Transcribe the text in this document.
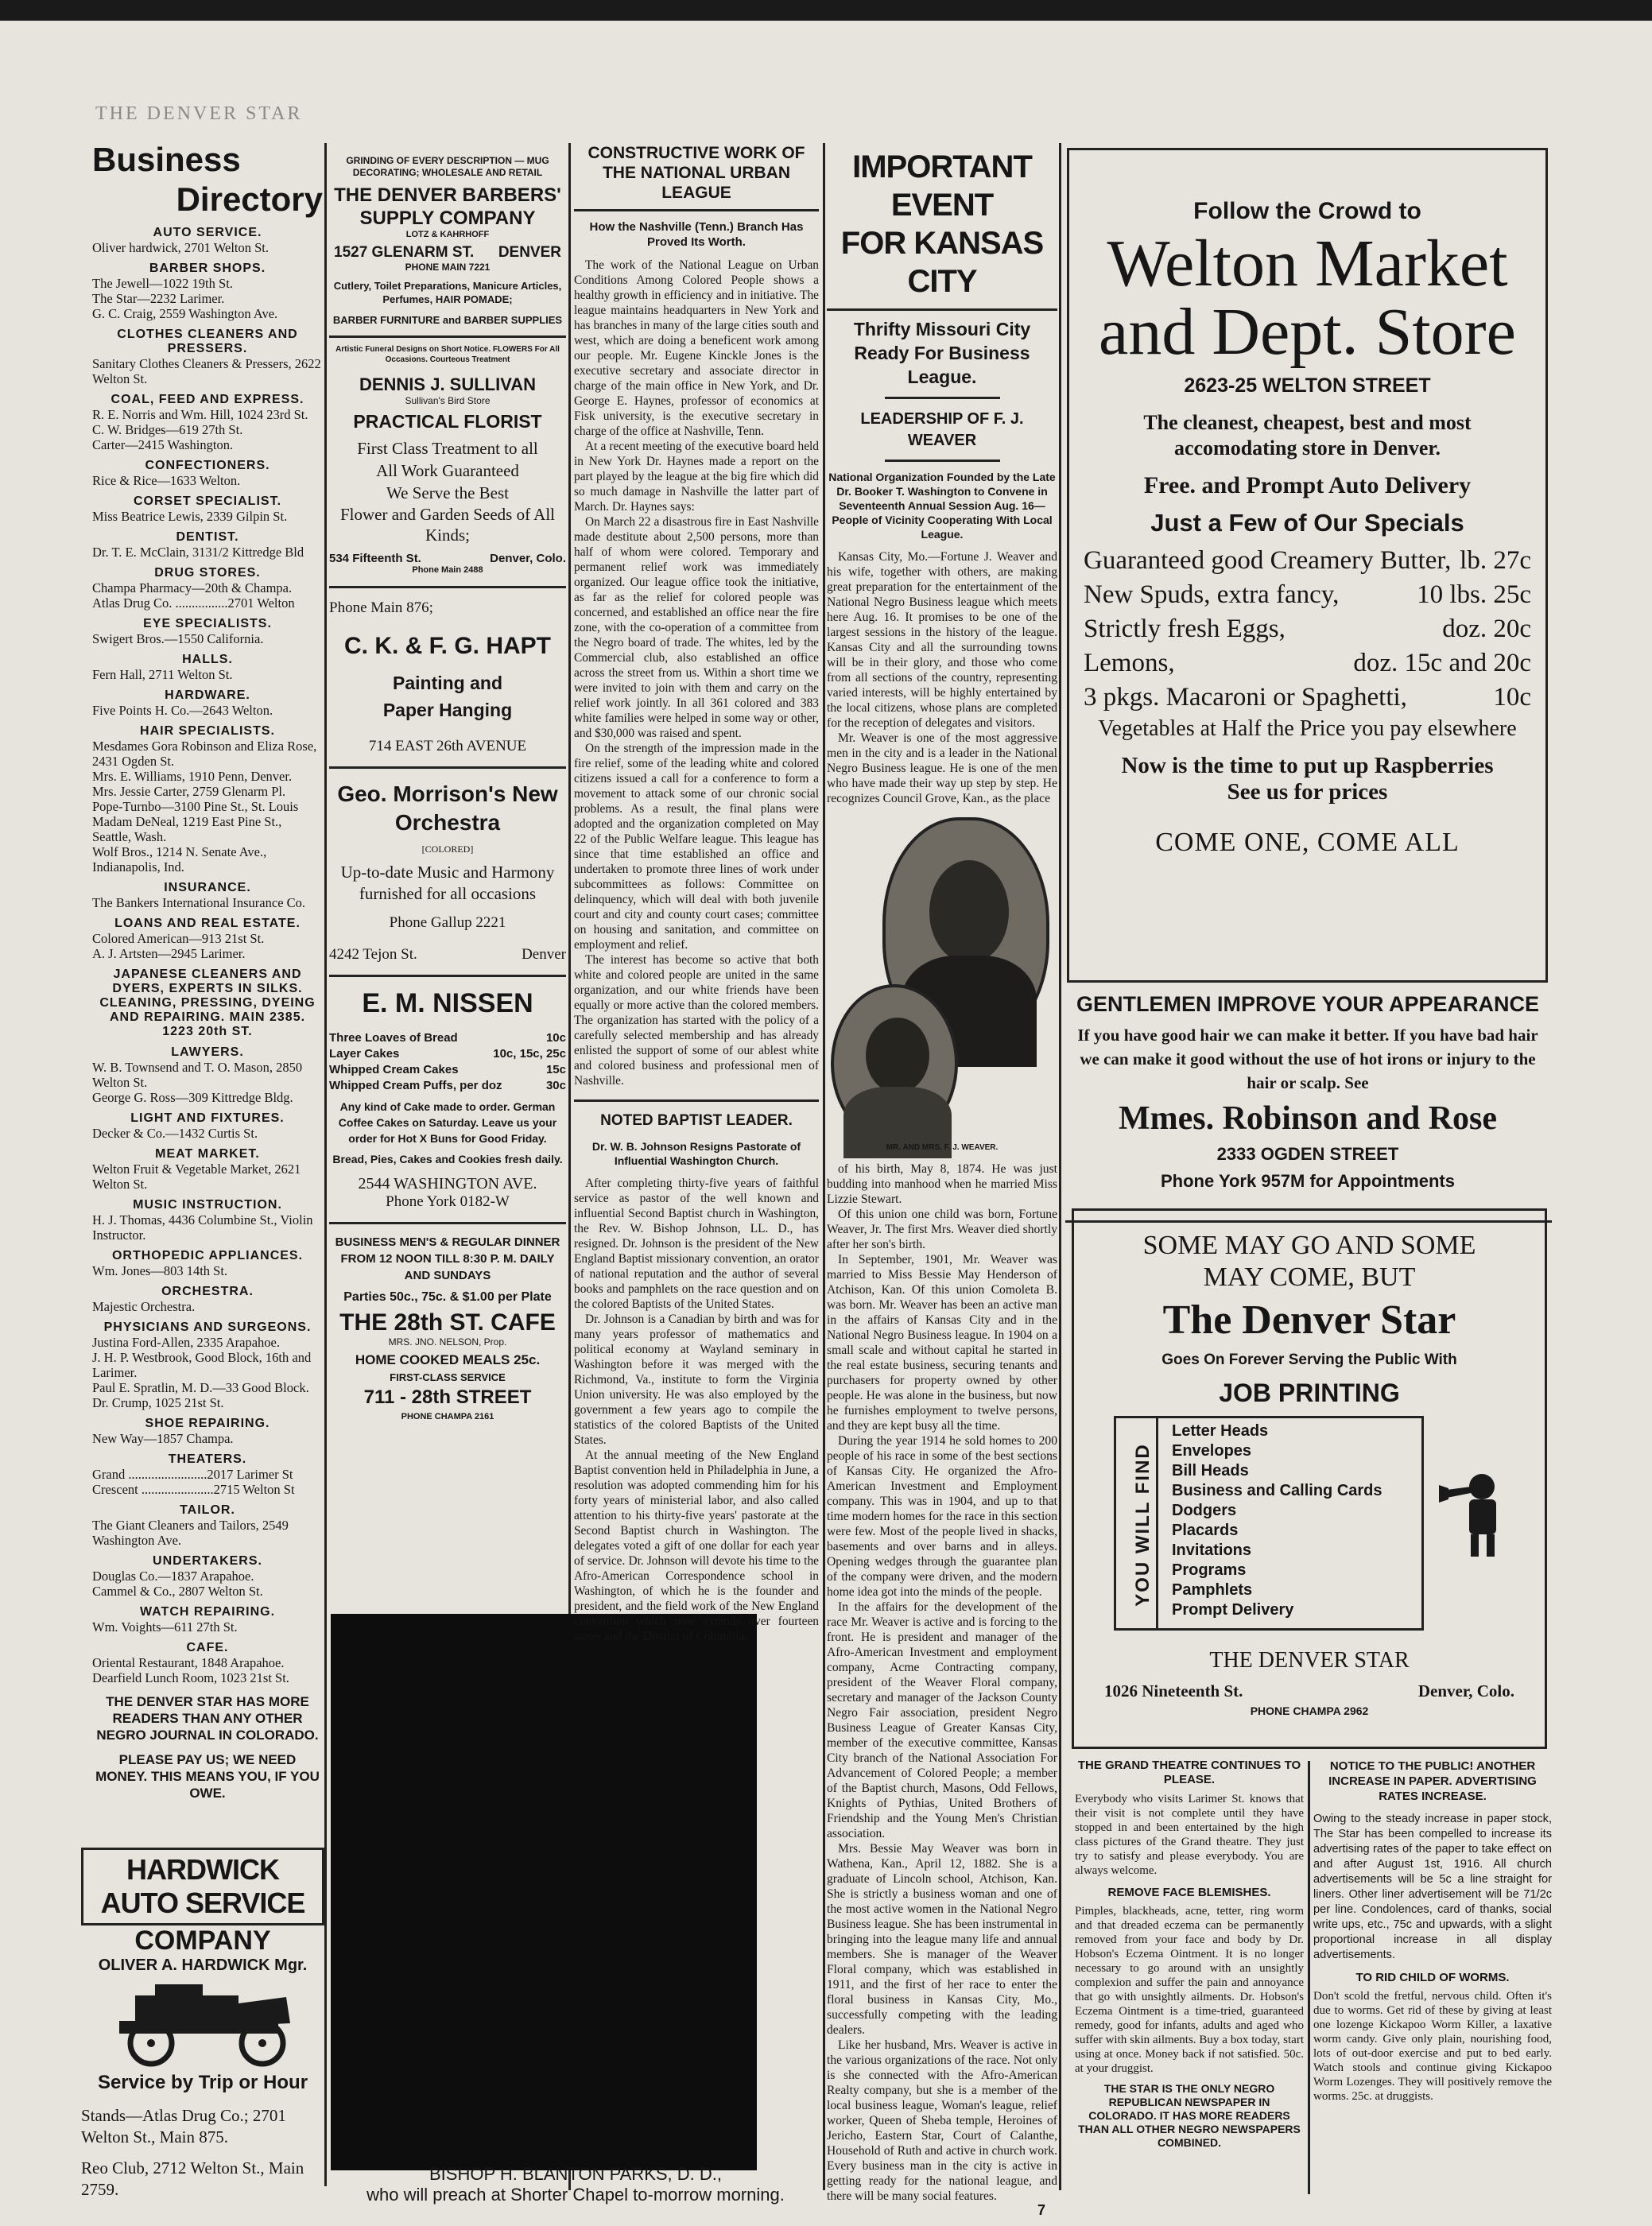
THE DENVER STAR
Business
Directory
AUTO SERVICE.
Oliver hardwick, 2701 Welton St.
BARBER SHOPS.
The Jewell—1022 19th St.
The Star—2232 Larimer.
G. C. Craig, 2559 Washington Ave.
CLOTHES CLEANERS AND PRESSERS.
Sanitary Clothes Cleaners & Pressers, 2622 Welton St.
COAL, FEED AND EXPRESS.
R. E. Norris and Wm. Hill, 1024 23rd St.
C. W. Bridges—619 27th St.
Carter—2415 Washington.
CONFECTIONERS.
Rice & Rice—1633 Welton.
CORSET SPECIALIST.
Miss Beatrice Lewis, 2339 Gilpin St.
DENTIST.
Dr. T. E. McClain, 3131/2 Kittredge Bld
DRUG STORES.
Champa Pharmacy—20th & Champa.
Atlas Drug Co. ................2701 Welton
EYE SPECIALISTS.
Swigert Bros.—1550 California.
HALLS.
Fern Hall, 2711 Welton St.
HARDWARE.
Five Points H. Co.—2643 Welton.
HAIR SPECIALISTS.
Mesdames Gora Robinson and Eliza Rose, 2431 Ogden St.
Mrs. E. Williams, 1910 Penn, Denver.
Mrs. Jessie Carter, 2759 Glenarm Pl.
Pope-Turnbo—3100 Pine St., St. Louis
Madam DeNeal, 1219 East Pine St., Seattle, Wash.
Wolf Bros., 1214 N. Senate Ave., Indianapolis, Ind.
INSURANCE.
The Bankers International Insurance Co.
LOANS AND REAL ESTATE.
Colored American—913 21st St.
A. J. Artsten—2945 Larimer.
JAPANESE CLEANERS AND DYERS, EXPERTS IN SILKS. CLEANING, PRESSING, DYEING AND REPAIRING. MAIN 2385. 1223 20th ST.
LAWYERS.
W. B. Townsend and T. O. Mason, 2850 Welton St.
George G. Ross—309 Kittredge Bldg.
LIGHT AND FIXTURES.
Decker & Co.—1432 Curtis St.
MEAT MARKET.
Welton Fruit & Vegetable Market, 2621 Welton St.
MUSIC INSTRUCTION.
H. J. Thomas, 4436 Columbine St., Violin Instructor.
ORTHOPEDIC APPLIANCES.
Wm. Jones—803 14th St.
ORCHESTRA.
Majestic Orchestra.
PHYSICIANS AND SURGEONS.
Justina Ford-Allen, 2335 Arapahoe.
J. H. P. Westbrook, Good Block, 16th and Larimer.
Paul E. Spratlin, M. D.—33 Good Block.
Dr. Crump, 1025 21st St.
SHOE REPAIRING.
New Way—1857 Champa.
THEATERS.
Grand ........................2017 Larimer St
Crescent ......................2715 Welton St
TAILOR.
The Giant Cleaners and Tailors, 2549 Washington Ave.
UNDERTAKERS.
Douglas Co.—1837 Arapahoe.
Cammel & Co., 2807 Welton St.
WATCH REPAIRING.
Wm. Voights—611 27th St.
CAFE.
Oriental Restaurant, 1848 Arapahoe.
Dearfield Lunch Room, 1023 21st St.
THE DENVER STAR HAS MORE READERS THAN ANY OTHER NEGRO JOURNAL IN COLORADO.
PLEASE PAY US; WE NEED MONEY. THIS MEANS YOU, IF YOU OWE.
HARDWICK AUTO SERVICE
COMPANY
OLIVER A. HARDWICK Mgr.
Service by Trip or Hour
Stands—Atlas Drug Co.; 2701 Welton St., Main 875.
Reo Club, 2712 Welton St., Main 2759.
GRINDING OF EVERY DESCRIPTION — MUG DECORATING; WHOLESALE AND RETAIL
THE DENVER BARBERS' SUPPLY COMPANY
LOTZ & KAHRHOFF
1527 GLENARM ST. DENVER
PHONE MAIN 7221
Cutlery, Toilet Preparations, Manicure Articles, Perfumes, HAIR POMADE;
BARBER FURNITURE and BARBER SUPPLIES
Artistic Funeral Designs on Short Notice. FLOWERS For All Occasions. Courteous Treatment
DENNIS J. SULLIVAN
Sullivan's Bird Store
PRACTICAL FLORIST
First Class Treatment to all
All Work Guaranteed
We Serve the Best
Flower and Garden Seeds of All Kinds;
534 Fifteenth St.	Denver, Colo.
Phone Main 2488
Phone Main 876;
C. K. & F. G. HAPT
Painting and Paper Hanging
714 EAST 26th AVENUE
Geo. Morrison's New Orchestra
[COLORED]
Up-to-date Music and Harmony furnished for all occasions
Phone Gallup 2221
4242 Tejon St.	Denver
E. M. NISSEN
Three Loaves of Bread	10c
Layer Cakes	10c, 15c, 25c
Whipped Cream Cakes	15c
Whipped Cream Puffs, per doz	30c
Any kind of Cake made to order. German Coffee Cakes on Saturday. Leave us your order for Hot X Buns for Good Friday.
Bread, Pies, Cakes and Cookies fresh daily.
2544 WASHINGTON AVE.
Phone York 0182-W
BUSINESS MEN'S & REGULAR DINNER FROM 12 NOON TILL 8:30 P. M. DAILY AND SUNDAYS
Parties 50c., 75c. & $1.00 per Plate
THE 28th ST. CAFE
MRS. JNO. NELSON, Prop.
HOME COOKED MEALS 25c.
FIRST-CLASS SERVICE
711 - 28th STREET
PHONE CHAMPA 2161
BISHOP H. BLANTON PARKS, D. D.,
who will preach at Shorter Chapel to-morrow morning.
CONSTRUCTIVE WORK OF THE NATIONAL URBAN LEAGUE
How the Nashville (Tenn.) Branch Has Proved Its Worth.

The work of the National League on Urban Conditions Among Colored People shows a healthy growth in efficiency and in initiative. The league maintains headquarters in New York and has branches in many of the large cities south and west, which are doing a beneficent work among our people. Mr. Eugene Kinckle Jones is the executive secretary and associate director in charge of the main office in New York, and Dr. George E. Haynes, professor of economics at Fisk university, is the executive secretary in charge of the office at Nashville, Tenn.

At a recent meeting of the executive board held in New York Dr. Haynes made a report on the part played by the league at the big fire which did so much damage in Nashville the latter part of March. Dr. Haynes says:

On March 22 a disastrous fire in East Nashville made destitute about 2,500 persons, more than half of whom were colored. Temporary and permanent relief work was immediately organized. Our league office took the initiative, as far as the relief for colored people was concerned, and established an office near the fire zone, with the co-operation of a committee from the Negro board of trade. The whites, led by the Commercial club, also established an office across the street from us. Within a short time we were invited to join with them and carry on the relief work jointly. In all 361 colored and 383 white families were helped in some way or other, and $30,000 was raised and spent.

On the strength of the impression made in the fire relief, some of the leading white and colored citizens issued a call for a conference to form a movement to attack some of our chronic social problems. As a result, the final plans were adopted and the organization completed on May 22 of the Public Welfare league. This league has since that time established an office and undertaken to promote three lines of work under subcommittees as follows: Committee on delinquency, which will deal with both juvenile court and city and county court cases; committee on housing and sanitation, and committee on employment and relief.

The interest has become so active that both white and colored people are united in the same organization, and our white friends have been equally or more active than the colored members. The organization has started with the policy of a carefully selected membership and has already enlisted the support of some of our ablest white and colored business and professional men of Nashville.

NOTED BAPTIST LEADER.
Dr. W. B. Johnson Resigns Pastorate of Influential Washington Church.

After completing thirty-five years of faithful service as pastor of the well known and influential Second Baptist church in Washington, the Rev. W. Bishop Johnson, LL. D., has resigned. Dr. Johnson is the president of the New England Baptist missionary convention, an orator of national reputation and the author of several books and pamphlets on the race question and on the colored Baptists of the United States.

Dr. Johnson is a Canadian by birth and was for many years professor of mathematics and political economy at Wayland seminary in Washington before it was merged with the Richmond, Va., institute to form the Virginia Union university. He was also employed by the government a few years ago to compile the statistics of the colored Baptists of the United States.

At the annual meeting of the New England Baptist convention held in Philadelphia in June, a resolution was adopted commending him for his forty years of ministerial labor, and also called attention to his thirty-five years' pastorate at the Second Baptist church in Washington. The delegates voted a gift of one dollar for each year of service. Dr. Johnson will devote his time to the Afro-American Correspondence school in Washington, of which he is the founder and president, and the field work of the New England convention which now extends over fourteen states and the District of Columbia.

IMPORTANT EVENT
FOR KANSAS CITY
Thrifty Missouri City Ready For Business League.
LEADERSHIP OF F. J. WEAVER
National Organization Founded by the Late Dr. Booker T. Washington to Convene in Seventeenth Annual Session Aug. 16—People of Vicinity Cooperating With Local League.

Kansas City, Mo.—Fortune J. Weaver and his wife, together with others, are making great preparation for the entertainment of the National Negro Business league which meets here Aug. 16. It promises to be one of the largest sessions in the history of the league. Kansas City and all the surrounding towns will be in their glory, and those who come from all sections of the country, representing varied interests, will be highly entertained by the local citizens, whose plans are completed for the reception of delegates and visitors.

Mr. Weaver is one of the most aggressive men in the city and is a leader in the National Negro Business league. He is one of the men who have made their way up step by step. He recognizes Council Grove, Kan., as the place

MR. AND MRS. F. J. WEAVER.

of his birth, May 8, 1874. He was just budding into manhood when he married Miss Lizzie Stewart.

Of this union one child was born, Fortune Weaver, Jr. The first Mrs. Weaver died shortly after her son's birth.

In September, 1901, Mr. Weaver was married to Miss Bessie May Henderson of Atchison, Kan. Of this union Comoleta B. was born. Mr. Weaver has been an active man in the affairs of Kansas City and in the National Negro Business league. In 1904 on a small scale and without capital he started in the real estate business, securing tenants and purchasers for property owned by other people. He was alone in the business, but now he furnishes employment to twelve persons, and they are kept busy all the time.

During the year 1914 he sold homes to 200 people of his race in some of the best sections of Kansas City. He organized the Afro-American Investment and Employment company. This was in 1904, and up to that time modern homes for the race in this section were few. Most of the people lived in shacks, basements and over barns and in alleys. Opening wedges through the guarantee plan of the company were driven, and the modern home idea got into the minds of the people.

In the affairs for the development of the race Mr. Weaver is active and is forcing to the front. He is president and manager of the Afro-American Investment and employment company, Acme Contracting company, president of the Weaver Floral company, secretary and manager of the Jackson County Negro Fair association, president Negro Business League of Greater Kansas City, member of the executive committee, Kansas City branch of the National Association For Advancement of Colored People; a member of the Baptist church, Masons, Odd Fellows, Knights of Pythias, United Brothers of Friendship and the Young Men's Christian association.

Mrs. Bessie May Weaver was born in Wathena, Kan., April 12, 1882. She is a graduate of Lincoln school, Atchison, Kan. She is strictly a business woman and one of the most active women in the National Negro Business league. She has been instrumental in bringing into the league many life and annual members. She is manager of the Weaver Floral company, which was established in 1911, and the first of her race to enter the floral business in Kansas City, Mo., successfully competing with the leading dealers.

Like her husband, Mrs. Weaver is active in the various organizations of the race. Not only is she connected with the Afro-American Realty company, but she is a member of the local business league, Woman's league, relief worker, Queen of Sheba temple, Heroines of Jericho, Eastern Star, Court of Calanthe, Household of Ruth and active in church work. Every business man in the city is active in getting ready for the national league, and there will be many social features.

Follow the Crowd to
Welton Market
and Dept. Store
2623-25 WELTON STREET
The cleanest, cheapest, best and most accomodating store in Denver.
Free. and Prompt Auto Delivery
Just a Few of Our Specials
Guaranteed good Creamery Butter, lb. 27c
New Spuds, extra fancy,	10 lbs. 25c
Strictly fresh Eggs,	doz. 20c
Lemons,	doz. 15c and 20c
3 pkgs. Macaroni or Spaghetti,	10c
Vegetables at Half the Price you pay elsewhere
Now is the time to put up Raspberries
See us for prices
COME ONE, COME ALL
GENTLEMEN IMPROVE YOUR APPEARANCE
If you have good hair we can make it better. If you have bad hair we can make it good without the use of hot irons or injury to the hair or scalp. See
Mmes. Robinson and Rose
2333 OGDEN STREET
Phone York 957M for Appointments
SOME MAY GO AND SOME MAY COME, BUT
The Denver Star
Goes On Forever Serving the Public With
JOB PRINTING
YOU WILL FIND
Letter Heads
Envelopes
Bill Heads
Business and Calling Cards
Dodgers
Placards
Invitations
Programs
Pamphlets
Prompt Delivery
THE DENVER STAR
1026 Nineteenth St.	Denver, Colo.
PHONE CHAMPA 2962
THE GRAND THEATRE CONTINUES TO PLEASE.
Everybody who visits Larimer St. knows that their visit is not complete until they have stopped in and been entertained by the high class pictures of the Grand theatre. They just try to satisfy and please everybody. You are always welcome.
REMOVE FACE BLEMISHES.
Pimples, blackheads, acne, tetter, ring worm and that dreaded eczema can be permanently removed from your face and body by Dr. Hobson's Eczema Ointment. It is no longer necessary to go around with an unsightly complexion and suffer the pain and annoyance that go with unsightly ailments. Dr. Hobson's Eczema Ointment is a time-tried, guaranteed remedy, good for infants, adults and aged who suffer with skin ailments. Buy a box today, start using at once. Money back if not satisfied. 50c. at your druggist.
THE STAR IS THE ONLY NEGRO REPUBLICAN NEWSPAPER IN COLORADO. IT HAS MORE READERS THAN ALL OTHER NEGRO NEWSPAPERS COMBINED.
NOTICE TO THE PUBLIC! ANOTHER INCREASE IN PAPER. ADVERTISING RATES INCREASE.
Owing to the steady increase in paper stock, The Star has been compelled to increase its advertising rates of the paper to take effect on and after August 1st, 1916. All church advertisements will be 5c a line straight for liners. Other liner advertisement will be 71/2c per line. Condolences, card of thanks, social write ups, etc., 75c and upwards, with a slight proportional increase in all display advertisements.
TO RID CHILD OF WORMS.
Don't scold the fretful, nervous child. Often it's due to worms. Get rid of these by giving at least one lozenge Kickapoo Worm Killer, a laxative worm candy. Give only plain, nourishing food, lots of out-door exercise and put to bed early. Watch stools and continue giving Kickapoo Worm Lozenges. They will positively remove the worms. 25c. at druggists.
7
